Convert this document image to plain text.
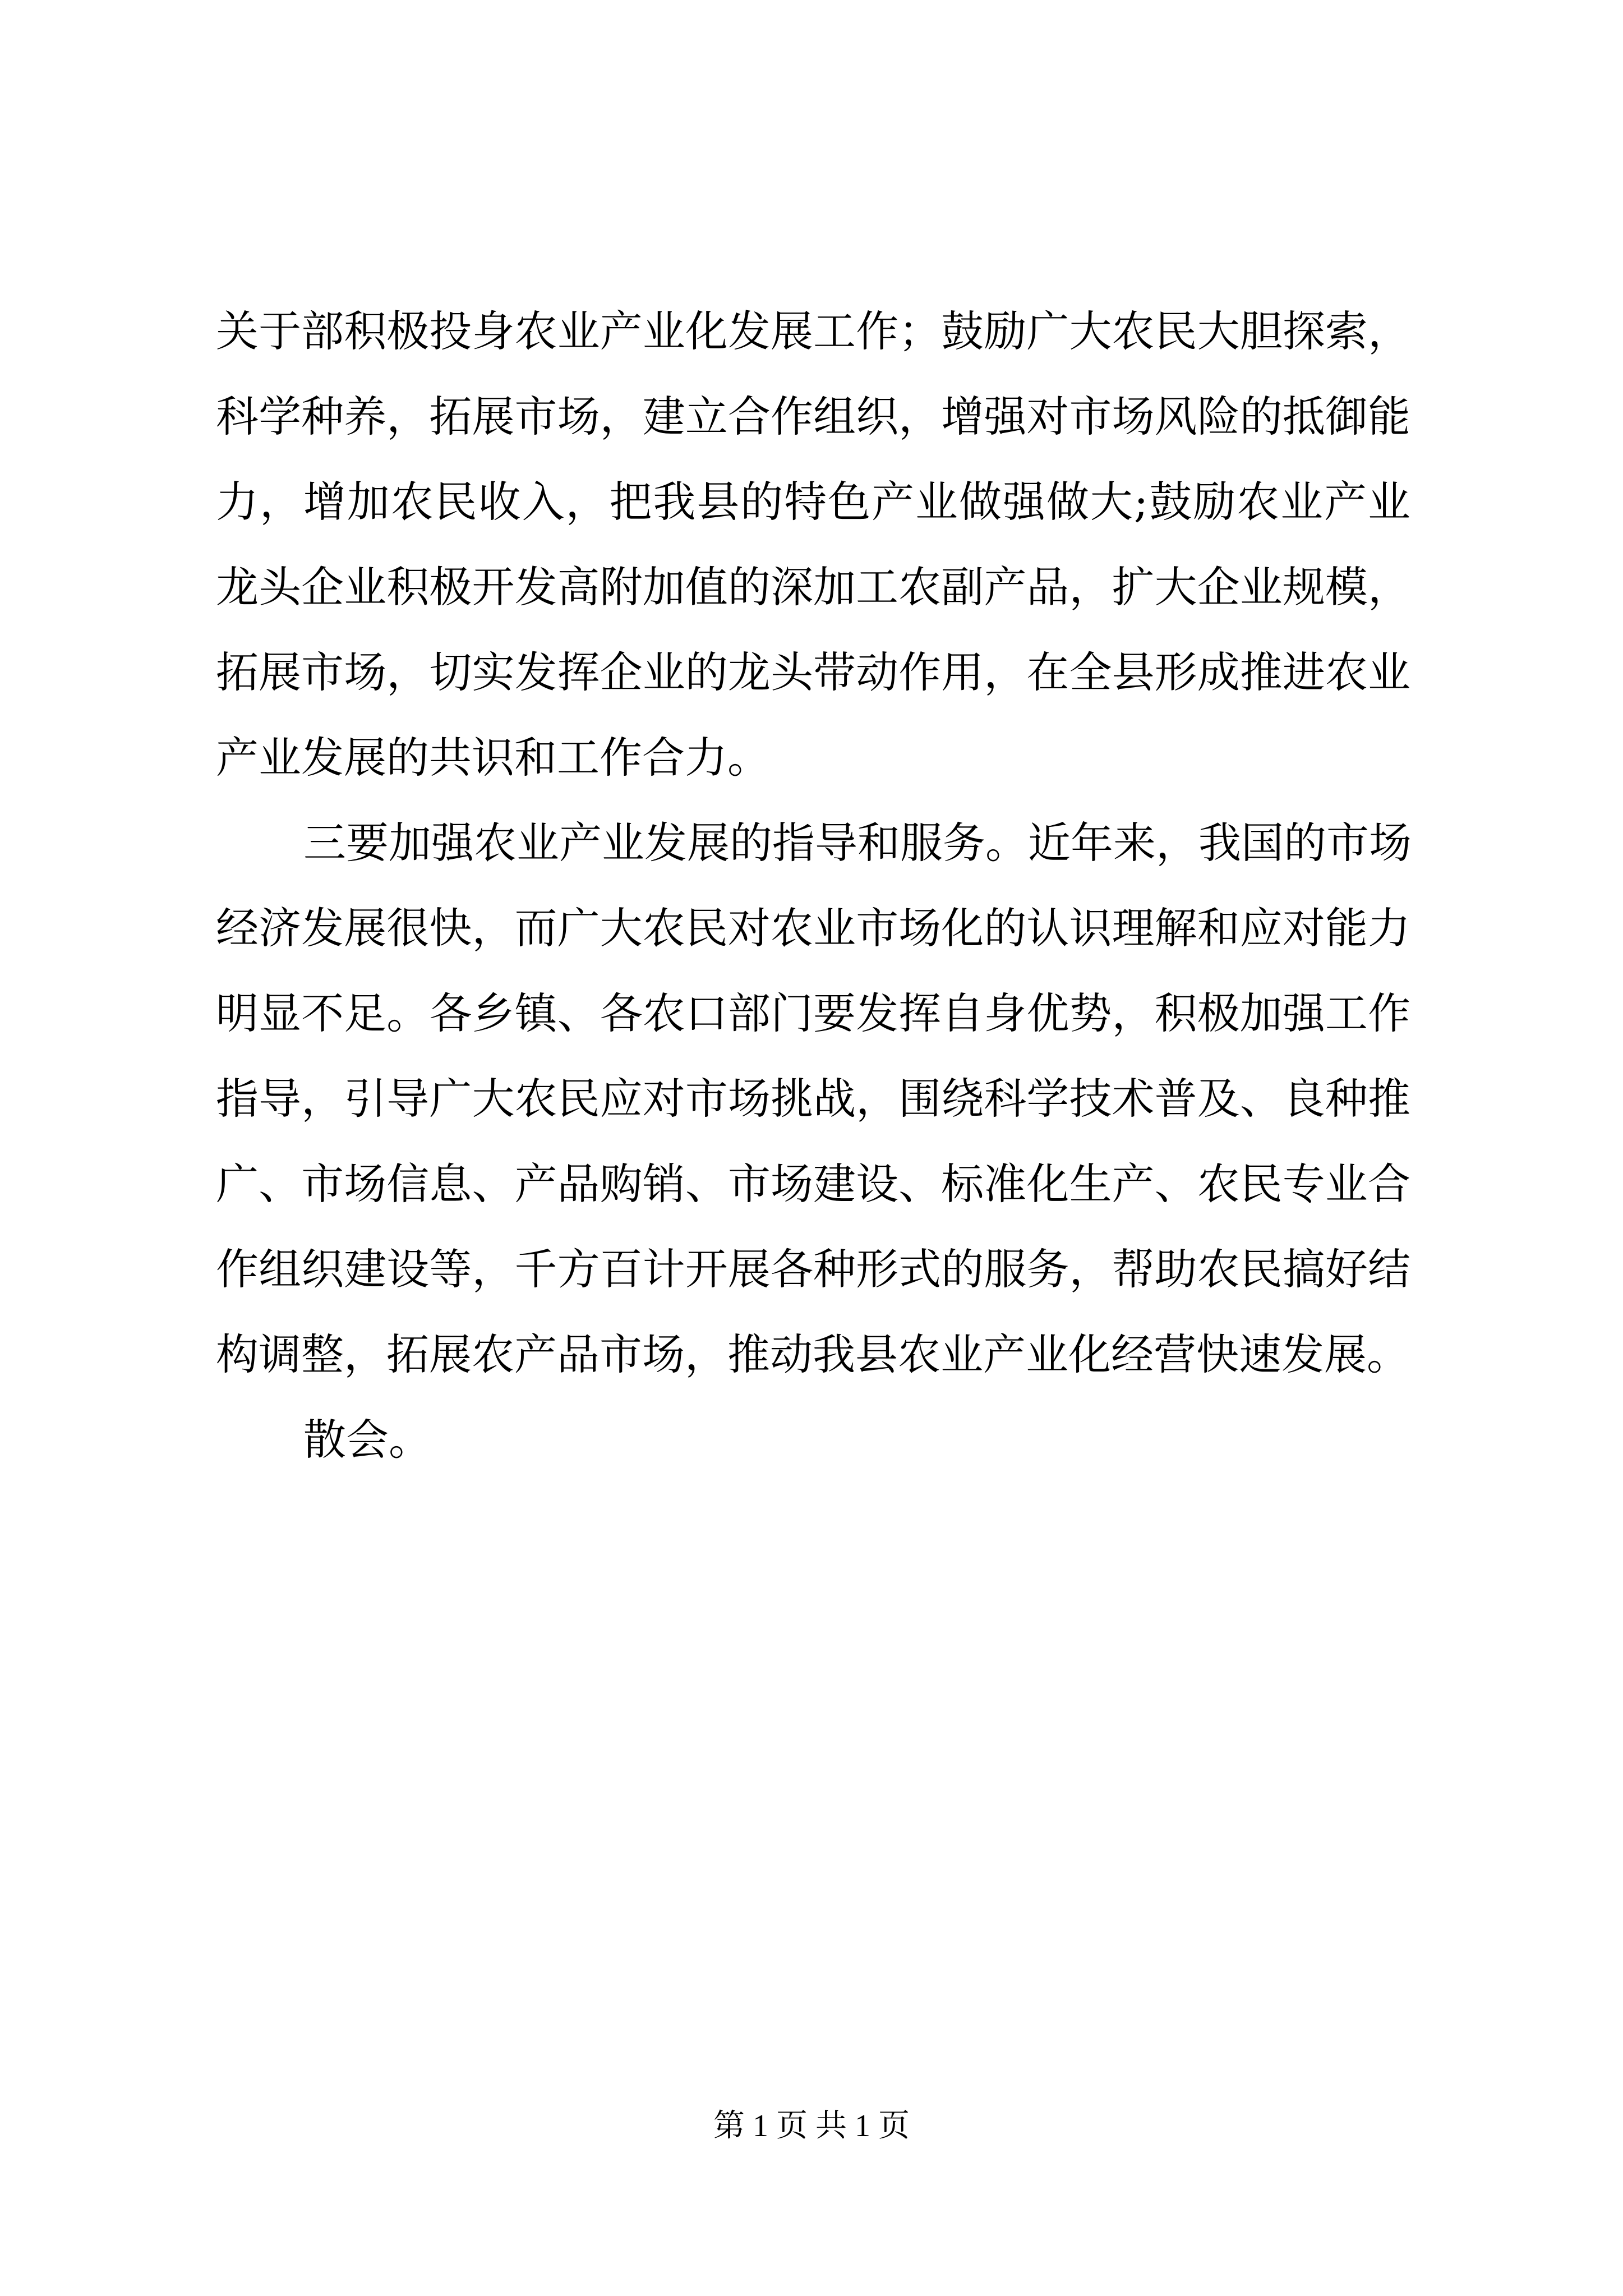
关于部积极投身农业产业化发展工作；鼓励广大农民大胆探索，
科学种养，拓展市场，建立合作组织，增强对市场风险的抵御能
力，增加农民收入，把我县的特色产业做强做大;鼓励农业产业
龙头企业积极开发高附加值的深加工农副产品，扩大企业规模，
拓展市场，切实发挥企业的龙头带动作用，在全县形成推进农业
产业发展的共识和工作合力。
三要加强农业产业发展的指导和服务。近年来，我国的市场
经济发展很快，而广大农民对农业市场化的认识理解和应对能力
明显不足。各乡镇、各农口部门要发挥自身优势，积极加强工作
指导，引导广大农民应对市场挑战，围绕科学技术普及、良种推
广、市场信息、产品购销、市场建设、标准化生产、农民专业合
作组织建设等，千方百计开展各种形式的服务，帮助农民搞好结
构调整，拓展农产品市场，推动我县农业产业化经营快速发展。
散会。
第 1 页 共 1 页
